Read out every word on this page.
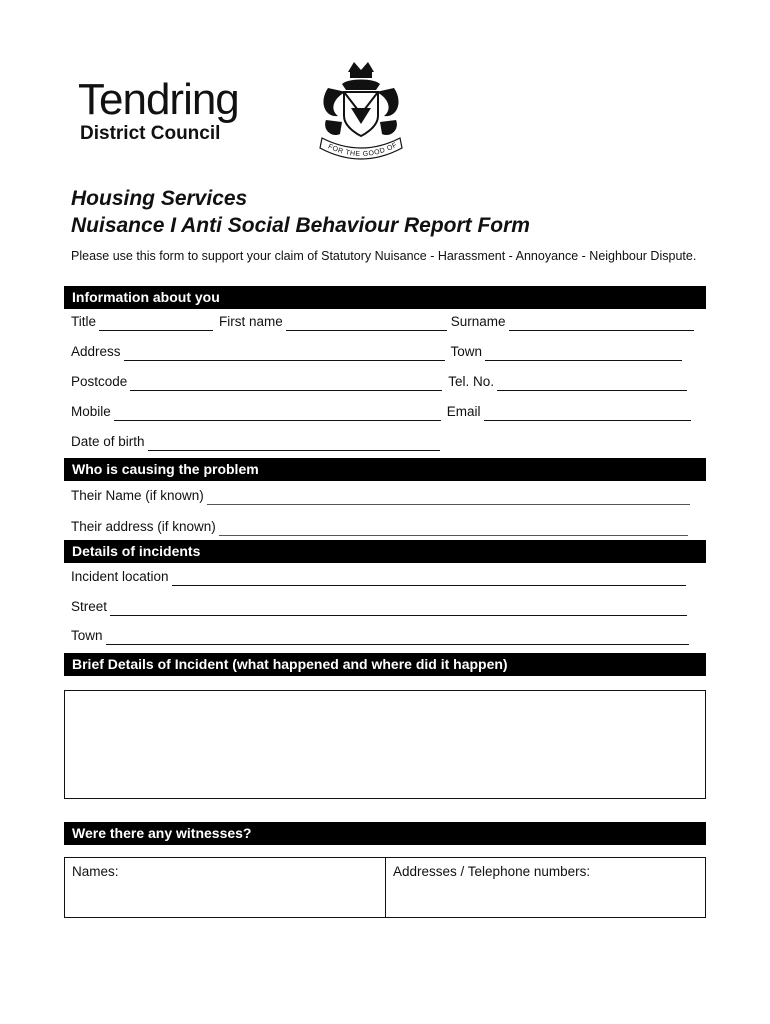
Tendring
District Council
FOR THE GOOD OF
Housing Services
Nuisance I Anti Social Behaviour Report Form
Please use this form to support your claim of Statutory Nuisance - Harassment - Annoyance - Neighbour Dispute.
Information about you
Title	First name	Surname
Address	Town
Postcode	Tel. No.
Mobile	Email
Date of birth
Who is causing the problem
Their Name (if known)
Their address (if known)
Details of incidents
Incident location
Street
Town
Brief Details of Incident (what happened and where did it happen)
Were there any witnesses?
Names:	Addresses / Telephone numbers:
